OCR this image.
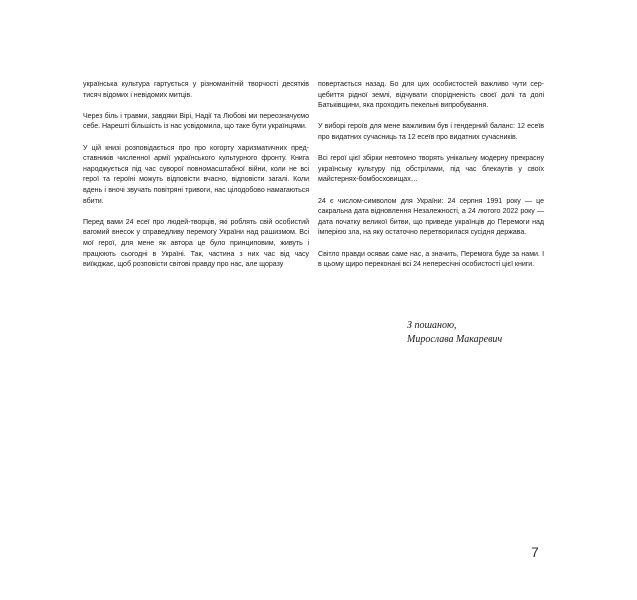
українська культура гартується у різноманітній творчості десятків тисяч відомих і невідомих митців.

Через біль і травми, завдяки Вірі, Надії та Любові ми переозначуємо себе. Нарешті більшість із нас усвідомила, що таке бути українцями.

У цій книзі розповідається про про когорту харизматичних представників численної армії українського культурного фронту. Книга народжується під час суворої повномасштабної війни, коли не всі герої та героїні можуть відповісти вчасно, відповісти загалі. Коли вдень і вночі звучать повітряні тривоги, нас цілодобово намагаються вбити.

Перед вами 24 есеї про людей-творців, які роблять свій особистий вагомий внесок у справедливу перемогу України над рашизмом. Всі мої герої, для мене як автора це було принциповим, живуть і працюють сьогодні в Україні. Так, частина з них час від часу виїжджає, щоб розповісти світові правду про нас, але щоразу

повертається назад. Бо для цих особистостей важливо чути серцебиття рідної землі, відчувати спорідненість своєї долі та долі Батьківщини, яка проходить пекельні випробування.

У виборі героїв для мене важливим був і гендерний баланс: 12 есеїв про видатних сучасниць та 12 есеїв про видатних сучасників.

Всі герої цієї збірки невтомно творять унікальну модерну прекрасну українську культуру під обстрілами, під час блекаутів у своїх майстернях-бомбосховищах…

24 є числом-символом для України: 24 серпня 1991 року — це сакральна дата відновлення Незалежності, а 24 лютого 2022 року — дата початку великої битви, що приведе українців до Перемоги над імперією зла, на яку остаточно перетворилася сусідня держава.

Світло правди осяває саме нас, а значить, Перемога буде за нами. І в цьому щиро переконані всі 24 непересічні особистості цієї книги.

З пошаною,
Мирослава Макаревич
7
